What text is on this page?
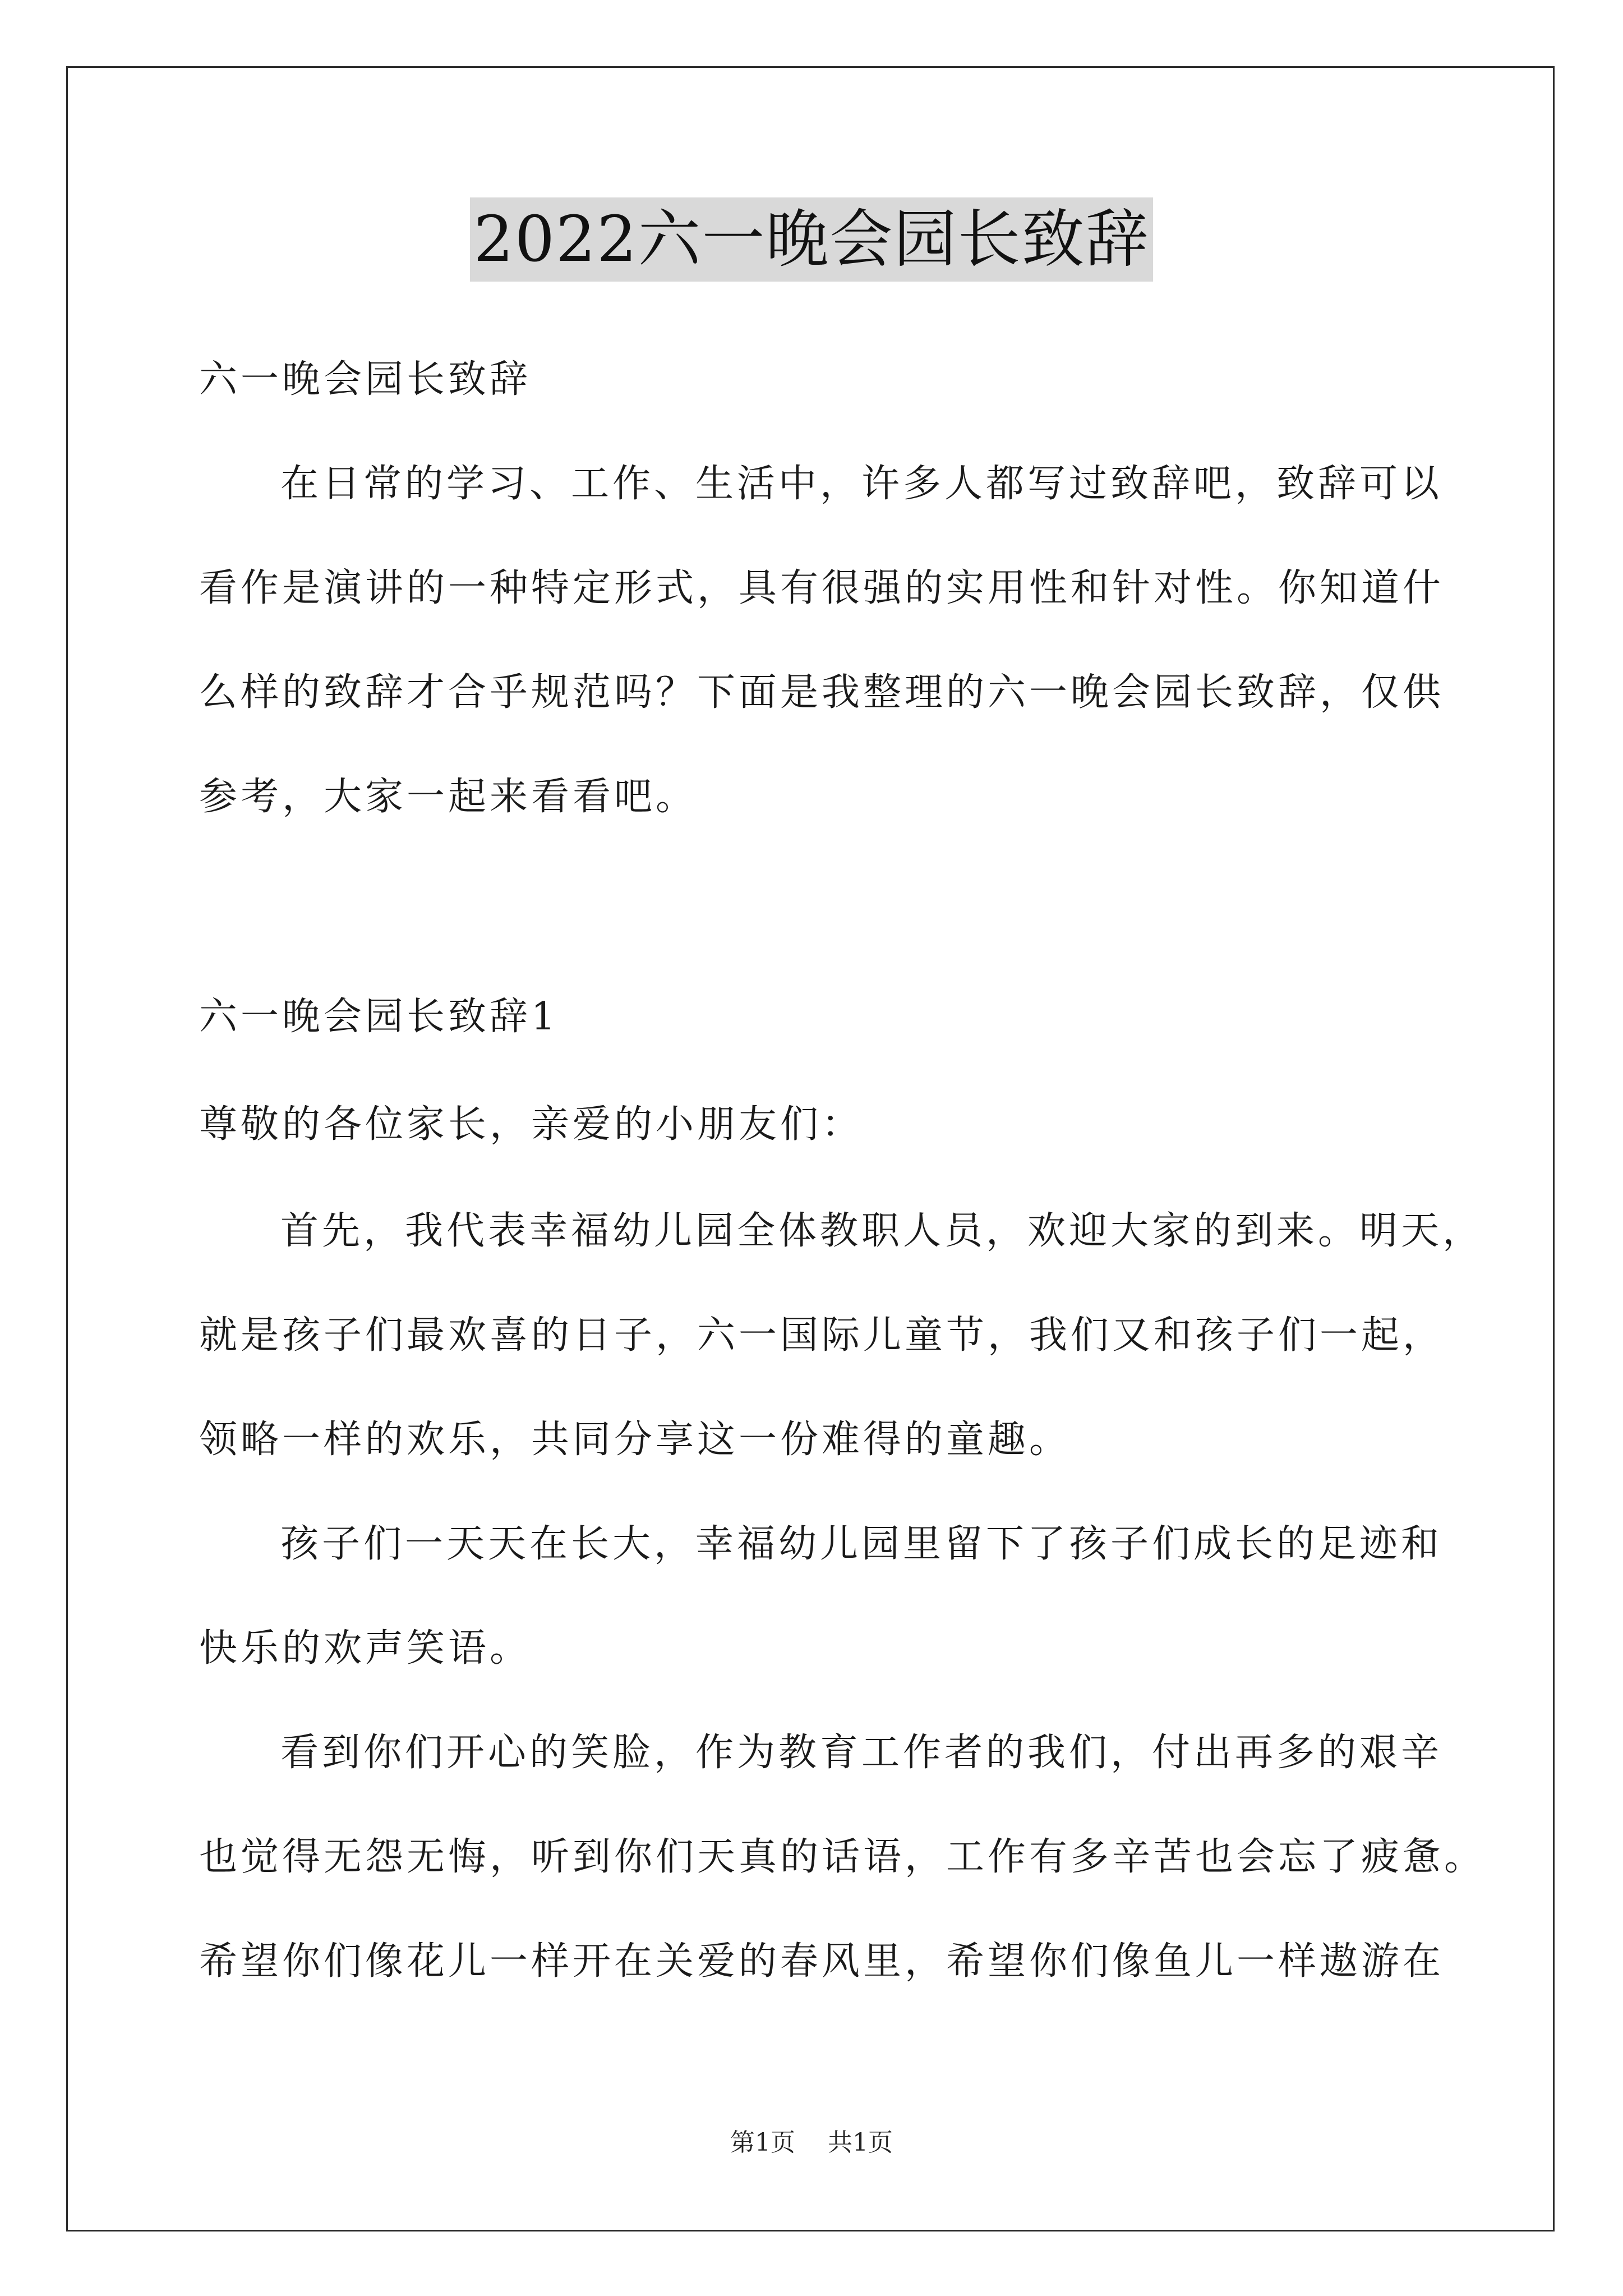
2022六一晚会园长致辞
六一晚会园长致辞
在日常的学习、工作、生活中，许多人都写过致辞吧，致辞可以
看作是演讲的一种特定形式，具有很强的实用性和针对性。你知道什
么样的致辞才合乎规范吗？下面是我整理的六一晚会园长致辞，仅供
参考，大家一起来看看吧。
六一晚会园长致辞1
尊敬的各位家长，亲爱的小朋友们：
首先，我代表幸福幼儿园全体教职人员，欢迎大家的到来。明天，
就是孩子们最欢喜的日子，六一国际儿童节，我们又和孩子们一起，
领略一样的欢乐，共同分享这一份难得的童趣。
孩子们一天天在长大，幸福幼儿园里留下了孩子们成长的足迹和
快乐的欢声笑语。
看到你们开心的笑脸，作为教育工作者的我们，付出再多的艰辛
也觉得无怨无悔，听到你们天真的话语，工作有多辛苦也会忘了疲惫。
希望你们像花儿一样开在关爱的春风里，希望你们像鱼儿一样遨游在
第1页 共1页
